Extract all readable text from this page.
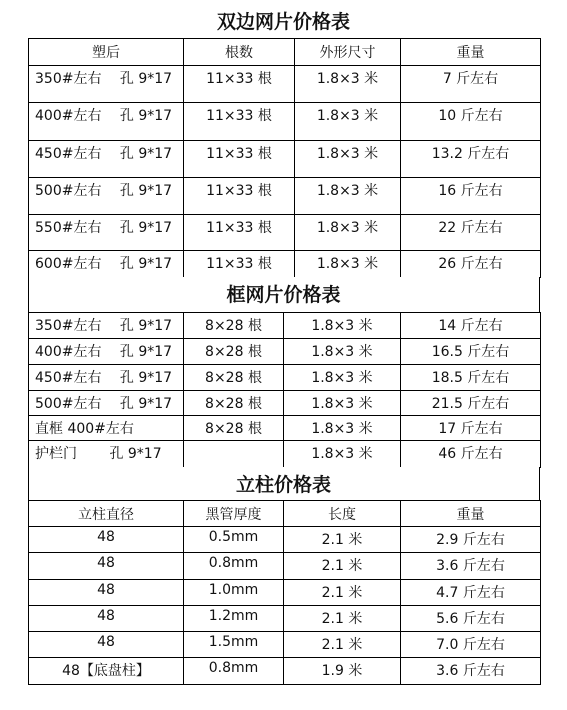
双边网片价格表
塑后	根数	外形尺寸	重量
350#左右　 孔 9*17	11×33 根	1.8×3 米	7 斤左右
400#左右　 孔 9*17	11×33 根	1.8×3 米	10 斤左右
450#左右　 孔 9*17	11×33 根	1.8×3 米	13.2 斤左右
500#左右　 孔 9*17	11×33 根	1.8×3 米	16 斤左右
550#左右　 孔 9*17	11×33 根	1.8×3 米	22 斤左右
600#左右　 孔 9*17	11×33 根	1.8×3 米	26 斤左右
框网片价格表
350#左右　 孔 9*17	8×28 根	1.8×3 米	14 斤左右
400#左右　 孔 9*17	8×28 根	1.8×3 米	16.5 斤左右
450#左右　 孔 9*17	8×28 根	1.8×3 米	18.5 斤左右
500#左右　 孔 9*17	8×28 根	1.8×3 米	21.5 斤左右
直框 400#左右	8×28 根	1.8×3 米	17 斤左右
护栏门　　 孔 9*17		1.8×3 米	46 斤左右
立柱价格表
立柱直径	黑管厚度	长度	重量
48	0.5mm	2.1 米	2.9 斤左右
48	0.8mm	2.1 米	3.6 斤左右
48	1.0mm	2.1 米	4.7 斤左右
48	1.2mm	2.1 米	5.6 斤左右
48	1.5mm	2.1 米	7.0 斤左右
48【底盘柱】	0.8mm	1.9 米	3.6 斤左右
